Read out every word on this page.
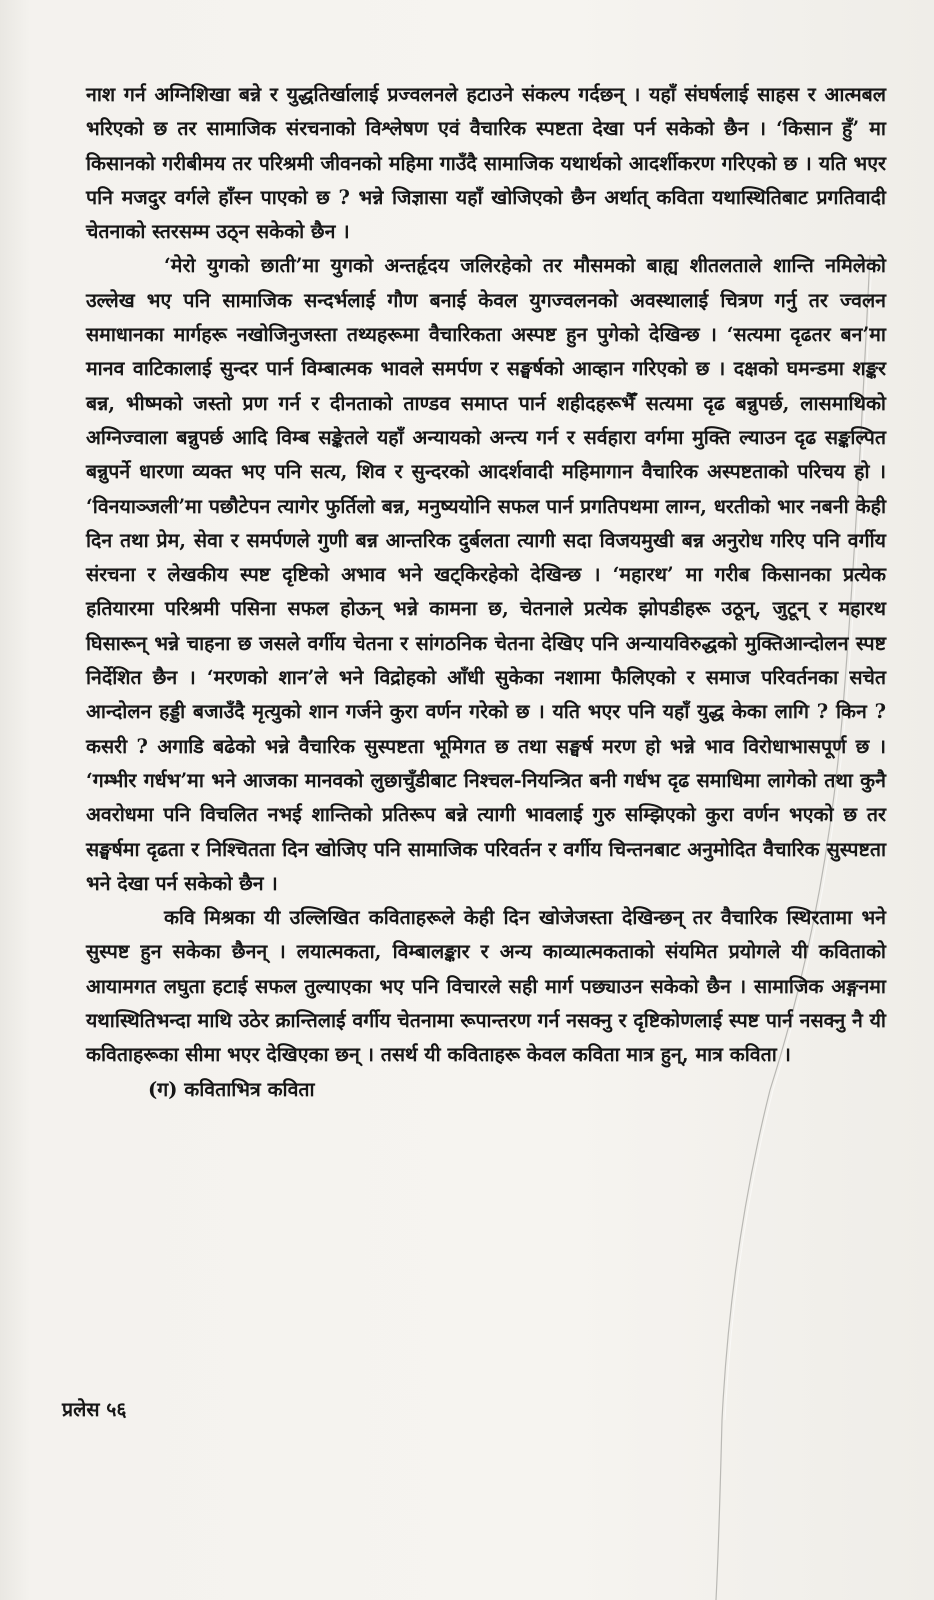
नाश गर्न अग्निशिखा बन्ने र युद्धतिर्खालाई प्रज्वलनले हटाउने संकल्प गर्दछन् । यहाँ संघर्षलाई साहस र आत्मबल भरिएको छ तर सामाजिक संरचनाको विश्लेषण एवं वैचारिक स्पष्टता देखा पर्न सकेको छैन । ‘किसान हुँ’ मा किसानको गरीबीमय तर परिश्रमी जीवनको महिमा गाउँदै सामाजिक यथार्थको आदर्शीकरण गरिएको छ । यति भएर पनि मजदुर वर्गले हाँस्न पाएको छ ? भन्ने जिज्ञासा यहाँ खोजिएको छैन अर्थात् कविता यथास्थितिबाट प्रगतिवादी चेतनाको स्तरसम्म उठ्न सकेको छैन ।

‘मेरो युगको छाती’मा युगको अन्तर्हृदय जलिरहेको तर मौसमको बाह्य शीतलताले शान्ति नमिलेको उल्लेख भए पनि सामाजिक सन्दर्भलाई गौण बनाई केवल युगज्वलनको अवस्थालाई चित्रण गर्नु तर ज्वलन समाधानका मार्गहरू नखोजिनुजस्ता तथ्यहरूमा वैचारिकता अस्पष्ट हुन पुगेको देखिन्छ । ‘सत्यमा दृढतर बन’मा मानव वाटिकालाई सुन्दर पार्न विम्बात्मक भावले समर्पण र सङ्घर्षको आव्हान गरिएको छ । दक्षको घमन्डमा शङ्कर बन्न, भीष्मको जस्तो प्रण गर्न र दीनताको ताण्डव समाप्त पार्न शहीदहरूभैँ सत्यमा दृढ बन्नुपर्छ, लासमाथिको अग्निज्वाला बन्नुपर्छ आदि विम्ब सङ्केतले यहाँ अन्यायको अन्त्य गर्न र सर्वहारा वर्गमा मुक्ति ल्याउन दृढ सङ्कल्पित बन्नुपर्ने धारणा व्यक्त भए पनि सत्य, शिव र सुन्दरको आदर्शवादी महिमागान वैचारिक अस्पष्टताको परिचय हो । ‘विनयाञ्जली’मा पछौटेपन त्यागेर फुर्तिलो बन्न, मनुष्ययोनि सफल पार्न प्रगतिपथमा लाग्न, धरतीको भार नबनी केही दिन तथा प्रेम, सेवा र समर्पणले गुणी बन्न आन्तरिक दुर्बलता त्यागी सदा विजयमुखी बन्न अनुरोध गरिए पनि वर्गीय संरचना र लेखकीय स्पष्ट दृष्टिको अभाव भने खट्किरहेको देखिन्छ । ‘महारथ’ मा गरीब किसानका प्रत्येक हतियारमा परिश्रमी पसिना सफल होऊन् भन्ने कामना छ, चेतनाले प्रत्येक झोपडीहरू उठून्, जुटून् र महारथ घिसारून् भन्ने चाहना छ जसले वर्गीय चेतना र सांगठनिक चेतना देखिए पनि अन्यायविरुद्धको मुक्तिआन्दोलन स्पष्ट निर्देशित छैन । ‘मरणको शान’ले भने विद्रोहको आँधी सुकेका नशामा फैलिएको र समाज परिवर्तनका सचेत आन्दोलन हड्डी बजाउँदै मृत्युको शान गर्जने कुरा वर्णन गरेको छ । यति भएर पनि यहाँ युद्ध केका लागि ? किन ? कसरी ? अगाडि बढेको भन्ने वैचारिक सुस्पष्टता भूमिगत छ तथा सङ्घर्ष मरण हो भन्ने भाव विरोधाभासपूर्ण छ । ‘गम्भीर गर्धभ’मा भने आजका मानवको लुछाचुँडीबाट निश्चल-नियन्त्रित बनी गर्धभ दृढ समाधिमा लागेको तथा कुनै अवरोधमा पनि विचलित नभई शान्तिको प्रतिरूप बन्ने त्यागी भावलाई गुरु सम्झिएको कुरा वर्णन भएको छ तर सङ्घर्षमा दृढता र निश्चितता दिन खोजिए पनि सामाजिक परिवर्तन र वर्गीय चिन्तनबाट अनुमोदित वैचारिक सुस्पष्टता भने देखा पर्न सकेको छैन ।

कवि मिश्रका यी उल्लिखित कविताहरूले केही दिन खोजेजस्ता देखिन्छन् तर वैचारिक स्थिरतामा भने सुस्पष्ट हुन सकेका छैनन् । लयात्मकता, विम्बालङ्कार र अन्य काव्यात्मकताको संयमित प्रयोगले यी कविताको आयामगत लघुता हटाई सफल तुल्याएका भए पनि विचारले सही मार्ग पछ्याउन सकेको छैन । सामाजिक अङ्गनमा यथास्थितिभन्दा माथि उठेर क्रान्तिलाई वर्गीय चेतनामा रूपान्तरण गर्न नसक्नु र दृष्टिकोणलाई स्पष्ट पार्न नसक्नु नै यी कविताहरूका सीमा भएर देखिएका छन् । तसर्थ यी कविताहरू केवल कविता मात्र हुन्, मात्र कविता ।

(ग) कविताभित्र कविता

प्रलेस ५६
